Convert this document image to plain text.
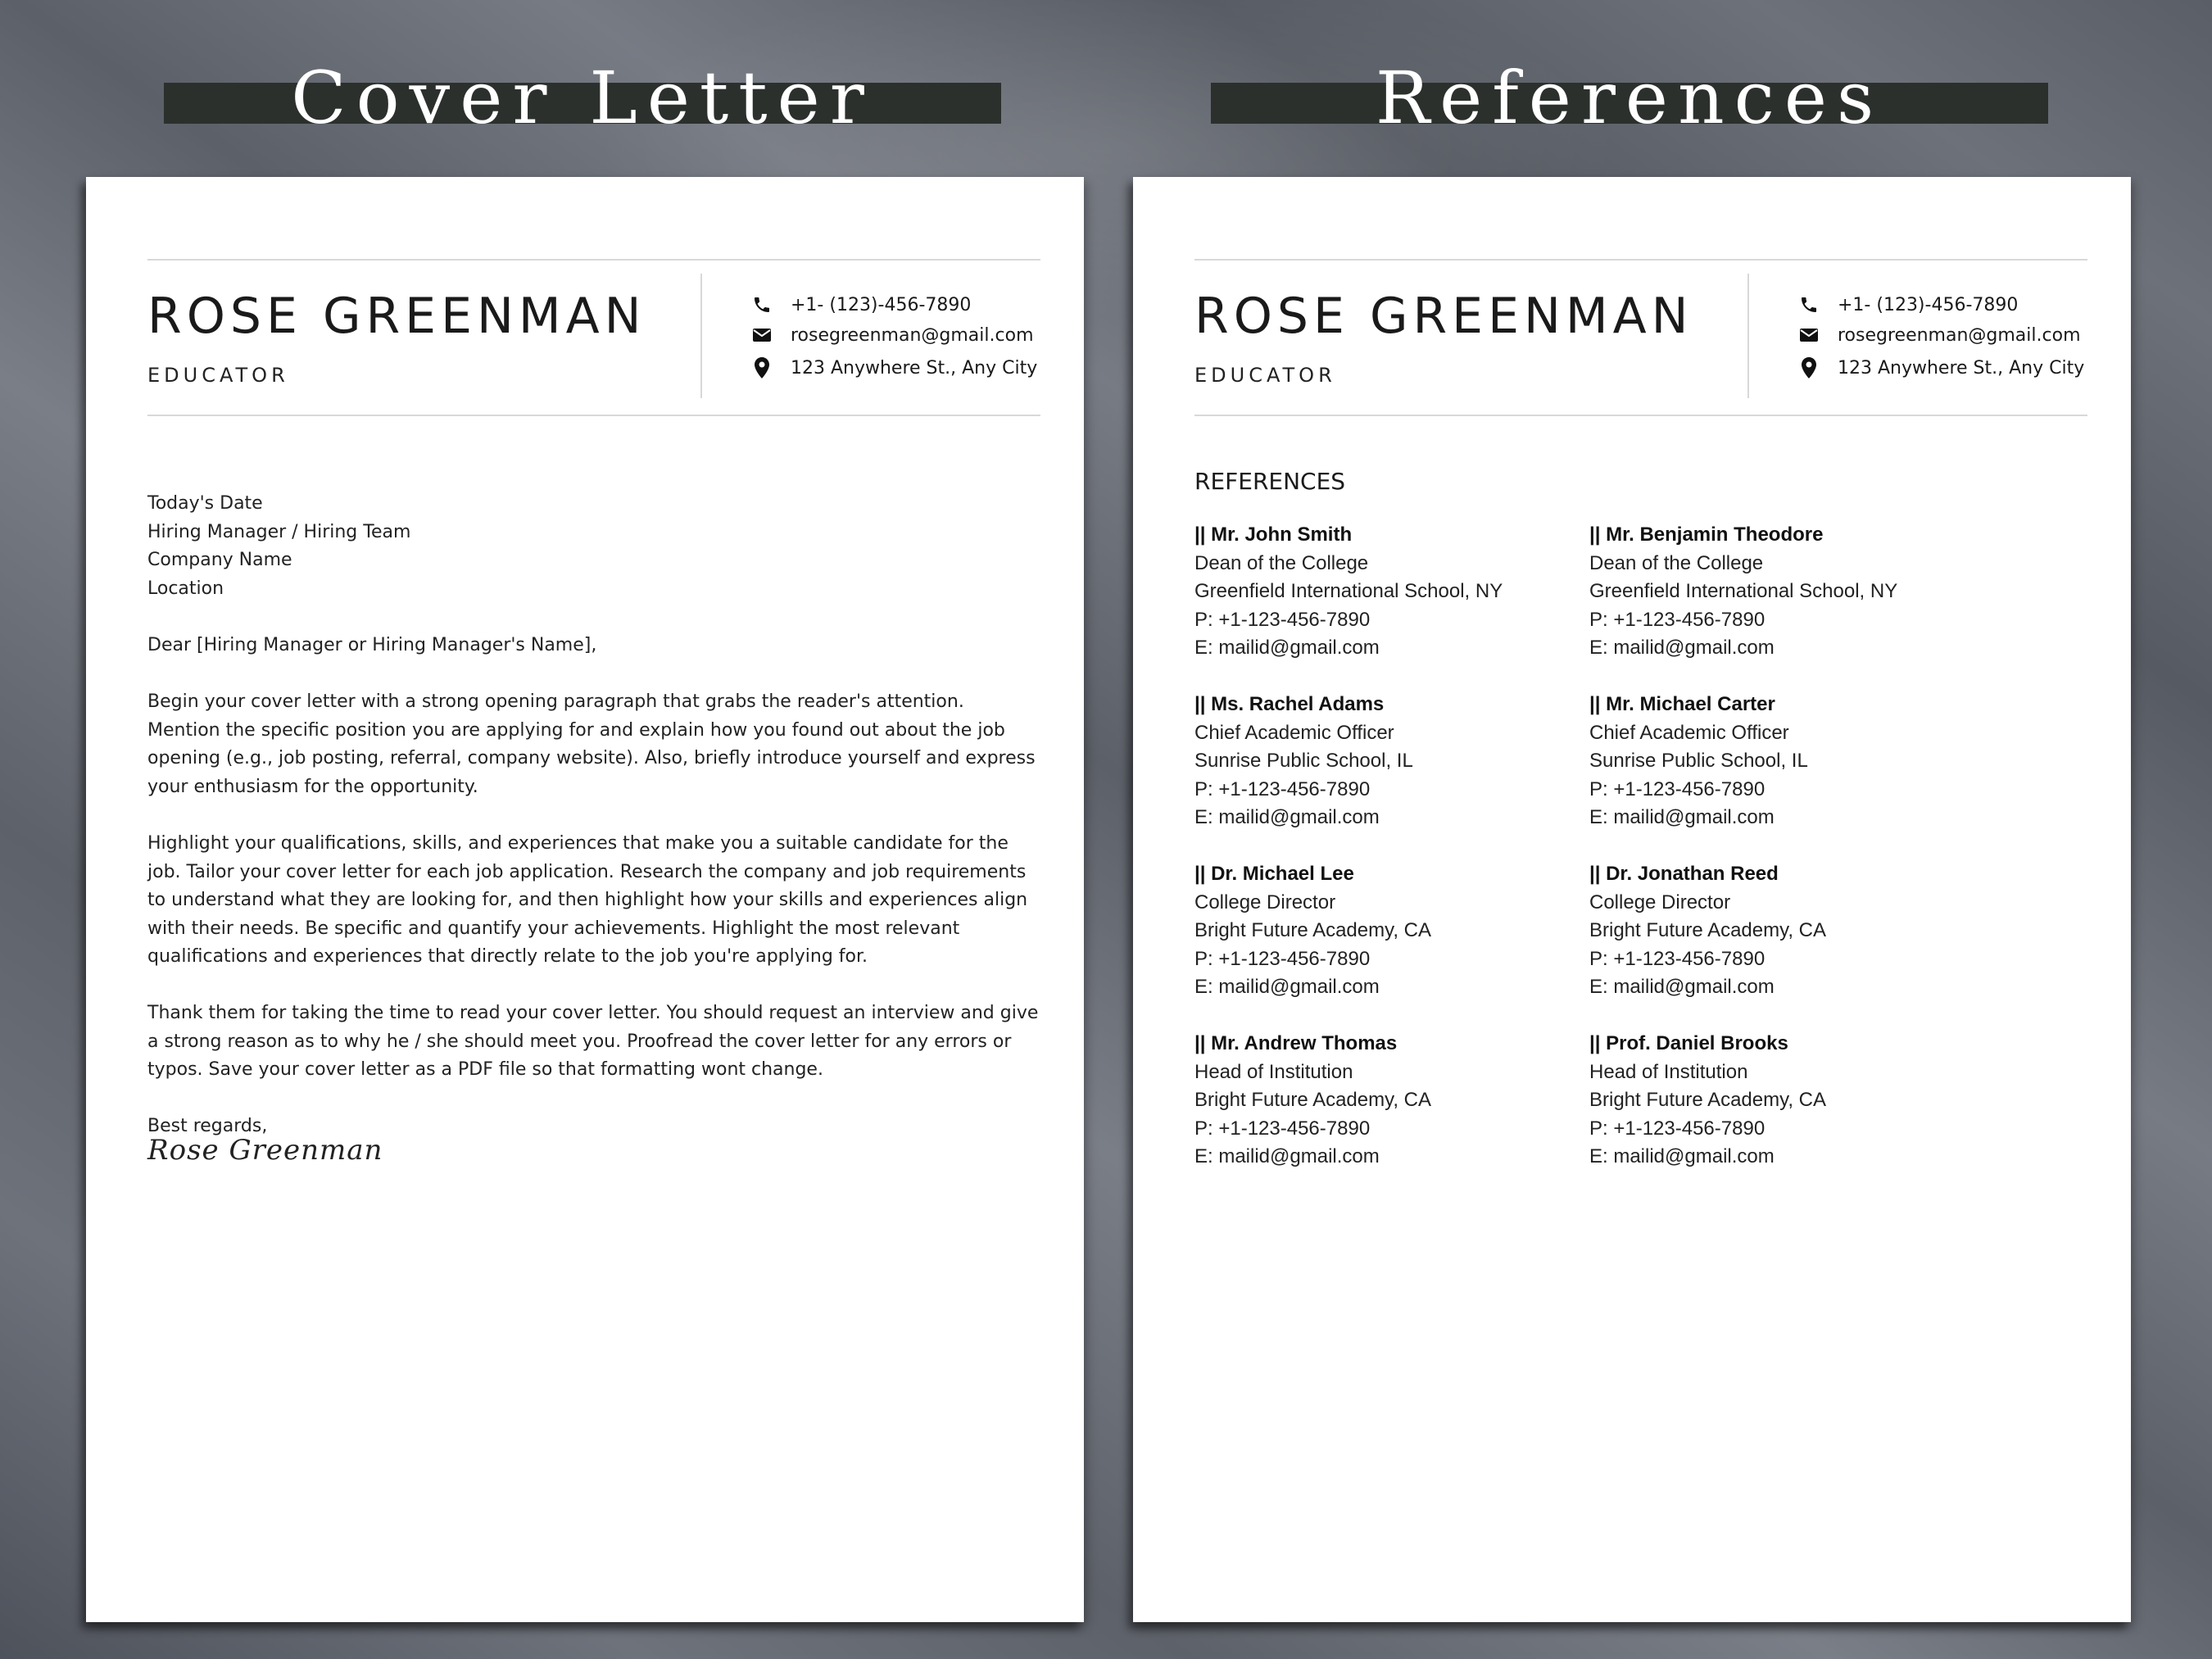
Cover Letter	References
ROSE GREENMAN
EDUCATOR
+1- (123)-456-7890
rosegreenman@gmail.com
123 Anywhere St., Any City
Today's Date
Hiring Manager / Hiring Team
Company Name
Location
Dear [Hiring Manager or Hiring Manager's Name],
Begin your cover letter with a strong opening paragraph that grabs the reader's attention. Mention the specific position you are applying for and explain how you found out about the job opening (e.g., job posting, referral, company website). Also, briefly introduce yourself and express your enthusiasm for the opportunity.
Highlight your qualifications, skills, and experiences that make you a suitable candidate for the job. Tailor your cover letter for each job application. Research the company and job requirements to understand what they are looking for, and then highlight how your skills and experiences align with their needs. Be specific and quantify your achievements. Highlight the most relevant qualifications and experiences that directly relate to the job you're applying for.
Thank them for taking the time to read your cover letter. You should request an interview and give a strong reason as to why he / she should meet you. Proofread the cover letter for any errors or typos. Save your cover letter as a PDF file so that formatting wont change.
Best regards,
Rose Greenman
ROSE GREENMAN
EDUCATOR
+1- (123)-456-7890
rosegreenman@gmail.com
123 Anywhere St., Any City
REFERENCES
|| Mr. John Smith
Dean of the College
Greenfield International School, NY
P: +1-123-456-7890
E: mailid@gmail.com
|| Ms. Rachel Adams
Chief Academic Officer
Sunrise Public School, IL
P: +1-123-456-7890
E: mailid@gmail.com
|| Dr. Michael Lee
College Director
Bright Future Academy, CA
P: +1-123-456-7890
E: mailid@gmail.com
|| Mr. Andrew Thomas
Head of Institution
Bright Future Academy, CA
P: +1-123-456-7890
E: mailid@gmail.com
|| Mr. Benjamin Theodore
Dean of the College
Greenfield International School, NY
P: +1-123-456-7890
E: mailid@gmail.com
|| Mr. Michael Carter
Chief Academic Officer
Sunrise Public School, IL
P: +1-123-456-7890
E: mailid@gmail.com
|| Dr. Jonathan Reed
College Director
Bright Future Academy, CA
P: +1-123-456-7890
E: mailid@gmail.com
|| Prof. Daniel Brooks
Head of Institution
Bright Future Academy, CA
P: +1-123-456-7890
E: mailid@gmail.com
